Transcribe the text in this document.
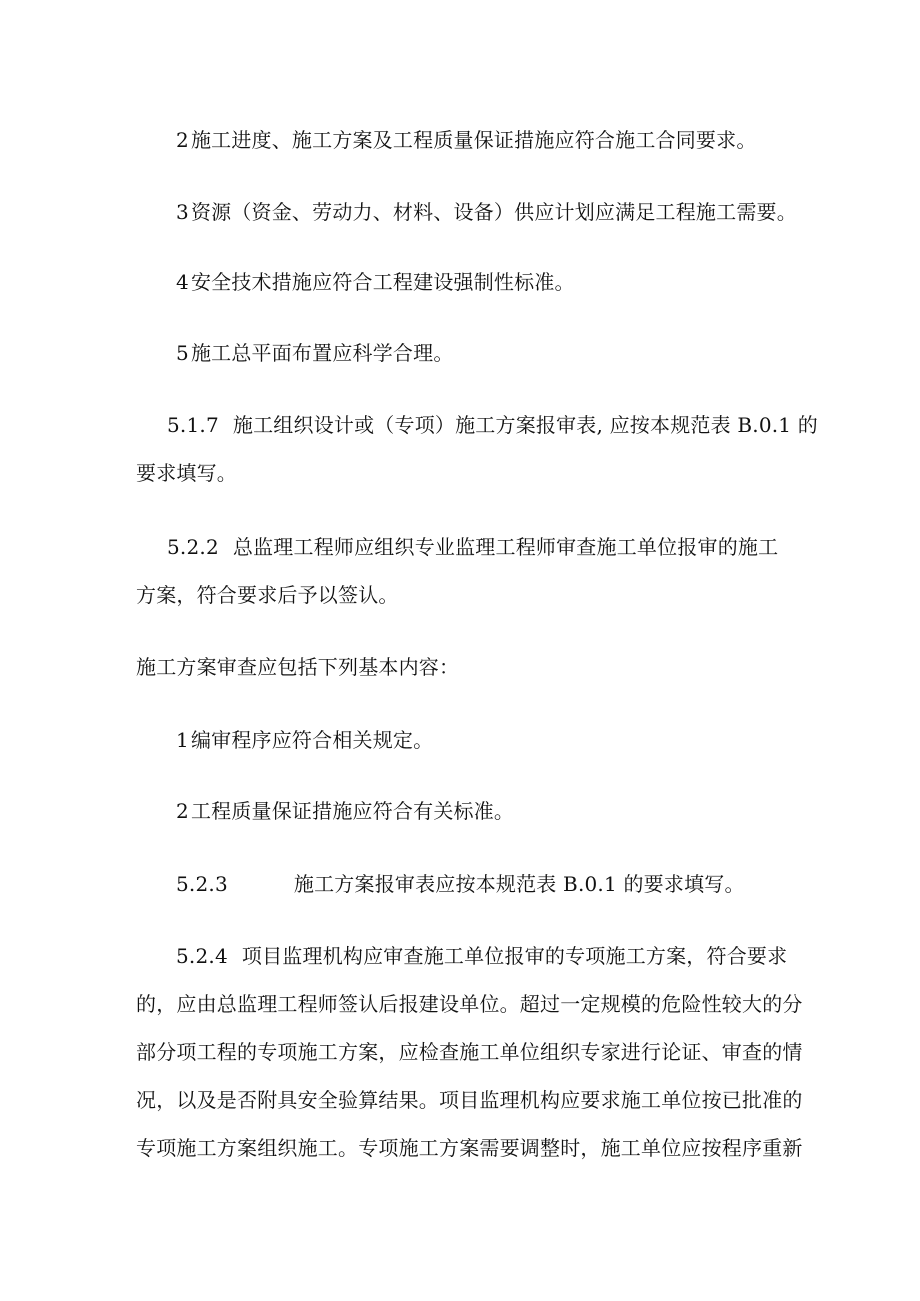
2 施工进度、施工方案及工程质量保证措施应符合施工合同要求。
3 资源（资金、劳动力、材料、设备）供应计划应满足工程施工需要。
4 安全技术措施应符合工程建设强制性标准。
5 施工总平面布置应科学合理。
5.1.7 施工组织设计或（专项）施工方案报审表, 应按本规范表 B.0.1 的
要求填写。
5.2.2 总监理工程师应组织专业监理工程师审查施工单位报审的施工
方案，符合要求后予以签认。
施工方案审查应包括下列基本内容：
1 编审程序应符合相关规定。
2 工程质量保证措施应符合有关标准。
5.2.3	施工方案报审表应按本规范表 B.0.1 的要求填写。
5.2.4 项目监理机构应审查施工单位报审的专项施工方案，符合要求
的，应由总监理工程师签认后报建设单位。超过一定规模的危险性较大的分
部分项工程的专项施工方案，应检查施工单位组织专家进行论证、审查的情
况，以及是否附具安全验算结果。项目监理机构应要求施工单位按已批准的
专项施工方案组织施工。专项施工方案需要调整时，施工单位应按程序重新
